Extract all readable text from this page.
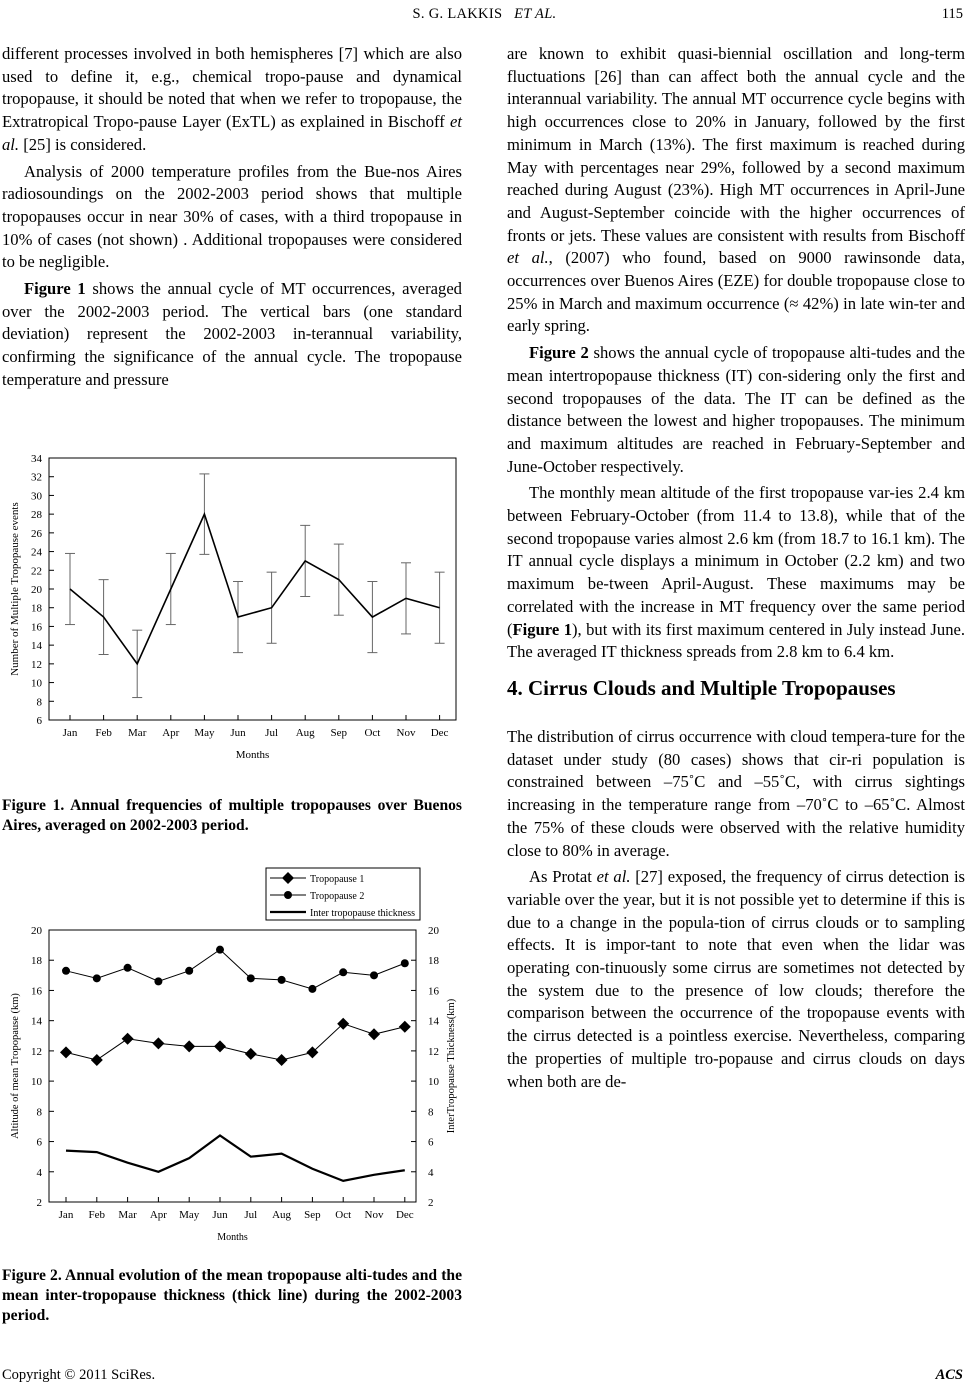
S. G. LAKKIS ET AL.	115

different processes involved in both hemispheres [7] which are also used to define it, e.g., chemical tropo-pause and dynamical tropopause, it should be noted that when we refer to tropopause, the Extratropical Tropo-pause Layer (ExTL) as explained in Bischoff et al. [25] is considered.

Analysis of 2000 temperature profiles from the Bue-nos Aires radiosoundings on the 2002-2003 period shows that multiple tropopauses occur in near 30% of cases, with a third tropopause in 10% of cases (not shown) . Additional tropopauses were considered to be negligible.

Figure 1 shows the annual cycle of MT occurrences, averaged over the 2002-2003 period. The vertical bars (one standard deviation) represent the 2002-2003 in-terannual variability, confirming the significance of the annual cycle. The tropopause temperature and pressure

6
8
10
12
14
16
18
20
22
24
26
28
30
32
34
Jan Feb Mar Apr May Jun Jul Aug Sep Oct Nov Dec
Months
Number of Multiple Tropopause events
Figure 1. Annual frequencies of multiple tropopauses over Buenos Aires, averaged on 2002-2003 period.
2	2
4	4
6	6
8	8
10	10
12	12
14	14
16	16
18	18
20	20
Jan Feb Mar Apr May Jun Jul Aug Sep Oct Nov Dec
Months
Altitude of mean Tropopause (km)	InterTropopause Thickness(km)
Tropopause 1
Tropopause 2
Inter tropopause thickness
Figure 2. Annual evolution of the mean tropopause alti-tudes and the mean inter-tropopause thickness (thick line) during the 2002-2003 period.

are known to exhibit quasi-biennial oscillation and long-term fluctuations [26] than can affect both the annual cycle and the interannual variability. The annual MT occurrence cycle begins with high occurrences close to 20% in January, followed by the first minimum in March (13%). The first maximum is reached during May with percentages near 29%, followed by a second maximum reached during August (23%). High MT occurrences in April-June and August-September coincide with the higher occurrences of fronts or jets. These values are consistent with results from Bischoff et al., (2007) who found, based on 9000 rawinsonde data, occurrences over Buenos Aires (EZE) for double tropopause close to 25% in March and maximum occurrence (≈ 42%) in late win-ter and early spring.

Figure 2 shows the annual cycle of tropopause alti-tudes and the mean intertropopause thickness (IT) con-sidering only the first and second tropopauses of the data. The IT can be defined as the distance between the lowest and higher tropopauses. The minimum and maximum altitudes are reached in February-September and June-October respectively.

The monthly mean altitude of the first tropopause var-ies 2.4 km between February-October (from 11.4 to 13.8), while that of the second tropopause varies almost 2.6 km (from 18.7 to 16.1 km). The IT annual cycle displays a minimum in October (2.2 km) and two maximum be-tween April-August. These maximums may be correlated with the increase in MT frequency over the same period (Figure 1), but with its first maximum centered in July instead June. The averaged IT thickness spreads from 2.8 km to 6.4 km.

4. Cirrus Clouds and Multiple Tropopauses

The distribution of cirrus occurrence with cloud tempera-ture for the dataset under study (80 cases) shows that cir-ri population is constrained between –75˚C and –55˚C, with cirrus sightings increasing in the temperature range from –70˚C to –65˚C. Almost the 75% of these clouds were observed with the relative humidity close to 80% in average.

As Protat et al. [27] exposed, the frequency of cirrus detection is variable over the year, but it is not possible yet to determine if this is due to a change in the popula-tion of cirrus clouds or to sampling effects. It is impor-tant to note that even when the lidar was operating con-tinuously some cirrus are sometimes not detected by the system due to the presence of low clouds; therefore the comparison between the occurrence of the tropopause events with the cirrus detected is a pointless exercise. Nevertheless, comparing the properties of multiple tro-popause and cirrus clouds on days when both are de-

Copyright © 2011 SciRes.	ACS
